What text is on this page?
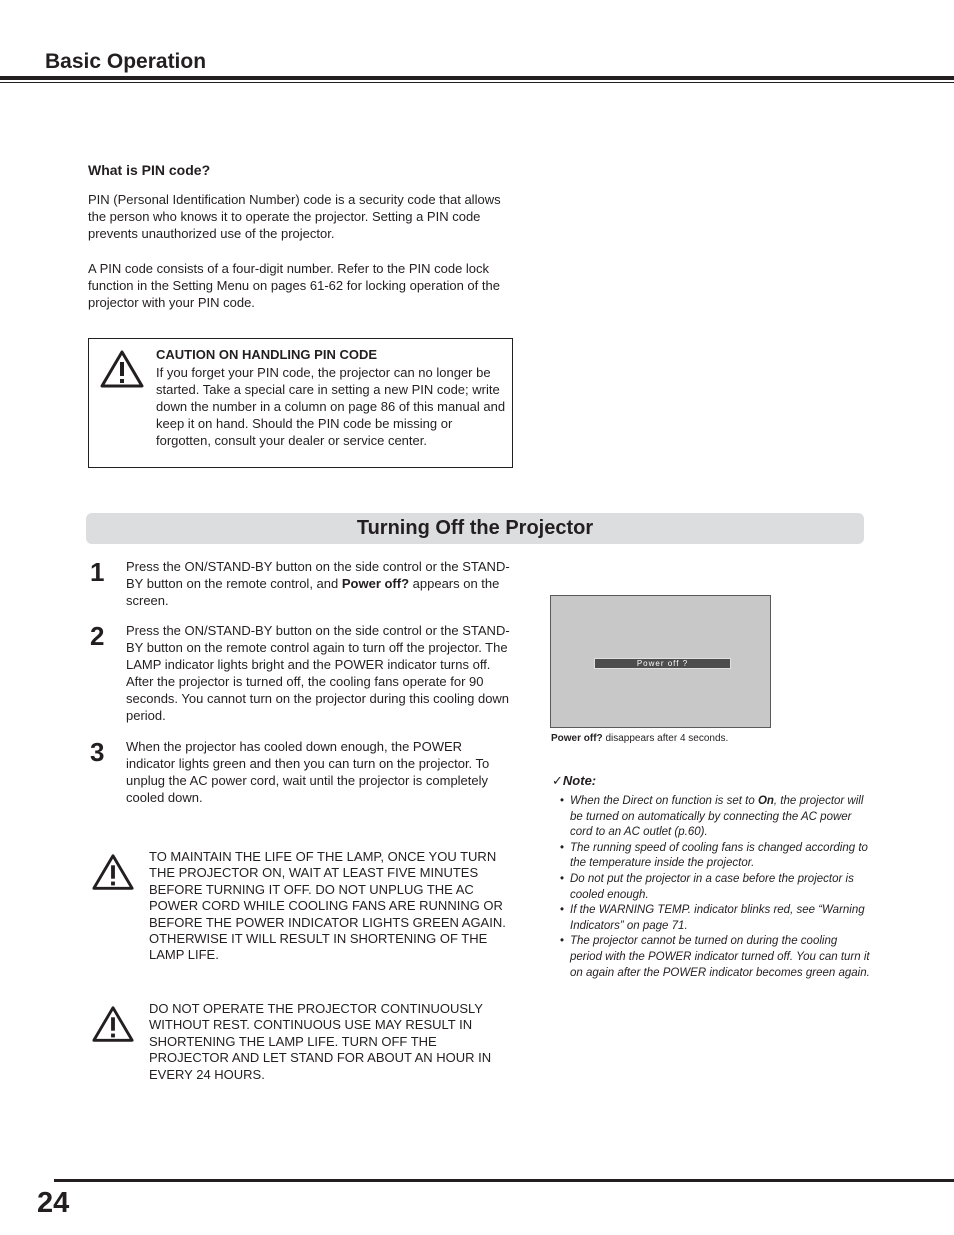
Basic Operation
What is PIN code?

PIN (Personal Identification Number) code is a security code that allows the person who knows it to operate the projector. Setting a PIN code prevents unauthorized use of the projector.

A PIN code consists of a four-digit number. Refer to the PIN code lock function in the Setting Menu on pages 61-62 for locking operation of the projector with your PIN code.

CAUTION ON HANDLING PIN CODE

If you forget your PIN code, the projector can no longer be started. Take a special care in setting a new PIN code; write down the number in a column on page 86 of this manual and keep it on hand. Should the PIN code be missing or forgotten, consult your dealer or service center.

Turning Off the Projector
1 Press the ON/STAND-BY button on the side control or the STAND-BY button on the remote control, and Power off? appears on the screen.

2 Press the ON/STAND-BY button on the side control or the STAND-BY button on the remote control again to turn off the projector. The LAMP indicator lights bright and the POWER indicator turns off. After the projector is turned off, the cooling fans operate for 90 seconds. You cannot turn on the projector during this cooling down period.

3 When the projector has cooled down enough, the POWER indicator lights green and then you can turn on the projector. To unplug the AC power cord, wait until the projector is completely cooled down.

Power off ?
Power off? disappears after 4 seconds.
✓Note:
• When the Direct on function is set to On, the projector will be turned on automatically by connecting the AC power cord to an AC outlet (p.60).
• The running speed of cooling fans is changed according to the temperature inside the projector.
• Do not put the projector in a case before the projector is cooled enough.
• If the WARNING TEMP. indicator blinks red, see “Warning Indicators” on page 71.
• The projector cannot be turned on during the cooling period with the POWER indicator turned off. You can turn it on again after the POWER indicator becomes green again.

TO MAINTAIN THE LIFE OF THE LAMP, ONCE YOU TURN THE PROJECTOR ON, WAIT AT LEAST FIVE MINUTES BEFORE TURNING IT OFF. DO NOT UNPLUG THE AC POWER CORD WHILE COOLING FANS ARE RUNNING OR BEFORE THE POWER INDICATOR LIGHTS GREEN AGAIN. OTHERWISE IT WILL RESULT IN SHORTENING OF THE LAMP LIFE.

DO NOT OPERATE THE PROJECTOR CONTINUOUSLY WITHOUT REST. CONTINUOUS USE MAY RESULT IN SHORTENING THE LAMP LIFE. TURN OFF THE PROJECTOR AND LET STAND FOR ABOUT AN HOUR IN EVERY 24 HOURS.

24
